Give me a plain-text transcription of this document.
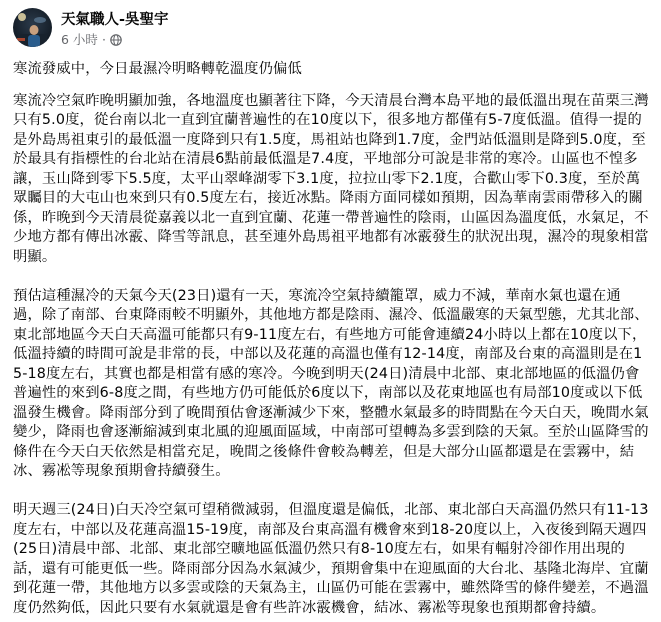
天氣職人-吳聖宇
6 小時 ·

寒流發威中，今日最濕冷明略轉乾溫度仍偏低

寒流冷空氣昨晚明顯加強，各地溫度也顯著往下降，今天清晨台灣本島平地的最低溫出現在苗栗三灣只有5.0度，從台南以北一直到宜蘭普遍性的在10度以下，很多地方都僅有5-7度低溫。值得一提的是外島馬祖東引的最低溫一度降到只有1.5度，馬祖站也降到1.7度，金門站低溫則是降到5.0度，至於最具有指標性的台北站在清晨6點前最低溫是7.4度，平地部分可說是非常的寒冷。山區也不惶多讓，玉山降到零下5.5度，太平山翠峰湖零下3.1度，拉拉山零下2.1度，合歡山零下0.3度，至於萬眾矚目的大屯山也來到只有0.5度左右，接近冰點。降雨方面同樣如預期，因為華南雲雨帶移入的關係，昨晚到今天清晨從嘉義以北一直到宜蘭、花蓮一帶普遍性的陰雨，山區因為溫度低，水氣足，不少地方都有傳出冰霰、降雪等訊息，甚至連外島馬祖平地都有冰霰發生的狀況出現，濕冷的現象相當明顯。

預估這種濕冷的天氣今天(23日)還有一天，寒流冷空氣持續籠罩，威力不減，華南水氣也還在通過，除了南部、台東降雨較不明顯外，其他地方都是陰雨、濕冷、低溫嚴寒的天氣型態，尤其北部、東北部地區今天白天高溫可能都只有9-11度左右，有些地方可能會連續24小時以上都在10度以下，低溫持續的時間可說是非常的長，中部以及花蓮的高溫也僅有12-14度，南部及台東的高溫則是在15-18度左右，其實也都是相當有感的寒冷。今晚到明天(24日)清晨中北部、東北部地區的低溫仍會普遍性的來到6-8度之間，有些地方仍可能低於6度以下，南部以及花東地區也有局部10度或以下低溫發生機會。降雨部分到了晚間預估會逐漸減少下來，整體水氣最多的時間點在今天白天，晚間水氣變少，降雨也會逐漸縮減到東北風的迎風面區域，中南部可望轉為多雲到陰的天氣。至於山區降雪的條件在今天白天依然是相當充足，晚間之後條件會較為轉差，但是大部分山區都還是在雲霧中，結冰、霧凇等現象預期會持續發生。

明天週三(24日)白天冷空氣可望稍微減弱，但溫度還是偏低，北部、東北部白天高溫仍然只有11-13度左右，中部以及花蓮高溫15-19度，南部及台東高溫有機會來到18-20度以上，入夜後到隔天週四(25日)清晨中部、北部、東北部空曠地區低溫仍然只有8-10度左右，如果有輻射冷卻作用出現的話，還有可能更低一些。降雨部分因為水氣減少，預期會集中在迎風面的大台北、基隆北海岸、宜蘭到花蓮一帶，其他地方以多雲或陰的天氣為主，山區仍可能在雲霧中，雖然降雪的條件變差，不過溫度仍然夠低，因此只要有水氣就還是會有些許冰霰機會，結冰、霧凇等現象也預期都會持續。
